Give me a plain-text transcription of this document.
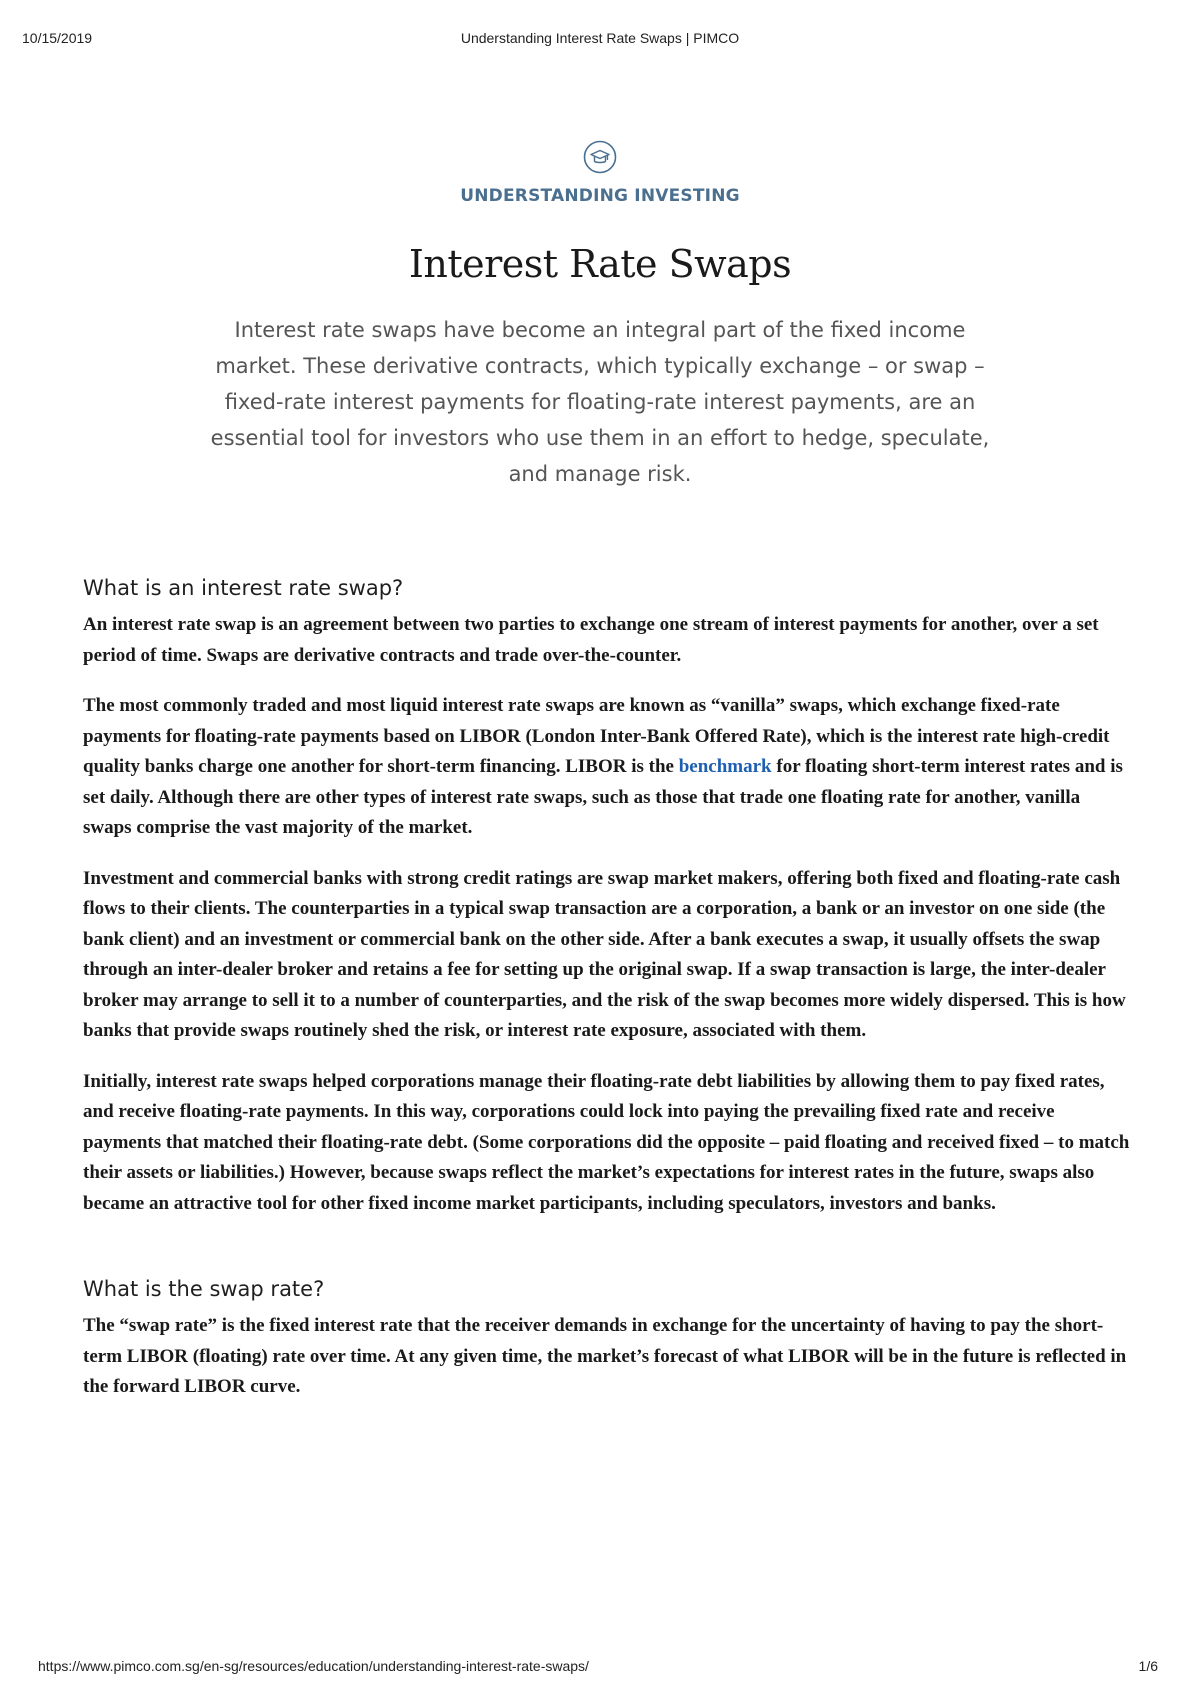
10/15/2019	Understanding Interest Rate Swaps | PIMCO
UNDERSTANDING INVESTING
Interest Rate Swaps
Interest rate swaps have become an integral part of the fixed income market. These derivative contracts, which typically exchange – or swap – fixed-rate interest payments for floating-rate interest payments, are an essential tool for investors who use them in an effort to hedge, speculate, and manage risk.
What is an interest rate swap?

An interest rate swap is an agreement between two parties to exchange one stream of interest payments for another, over a set period of time. Swaps are derivative contracts and trade over-the-counter.

The most commonly traded and most liquid interest rate swaps are known as “vanilla” swaps, which exchange fixed-rate payments for floating-rate payments based on LIBOR (London Inter-Bank Offered Rate), which is the interest rate high-credit quality banks charge one another for short-term financing. LIBOR is the benchmark for floating short-term interest rates and is set daily. Although there are other types of interest rate swaps, such as those that trade one floating rate for another, vanilla swaps comprise the vast majority of the market.

Investment and commercial banks with strong credit ratings are swap market makers, offering both fixed and floating-rate cash flows to their clients. The counterparties in a typical swap transaction are a corporation, a bank or an investor on one side (the bank client) and an investment or commercial bank on the other side. After a bank executes a swap, it usually offsets the swap through an inter-dealer broker and retains a fee for setting up the original swap. If a swap transaction is large, the inter-dealer broker may arrange to sell it to a number of counterparties, and the risk of the swap becomes more widely dispersed. This is how banks that provide swaps routinely shed the risk, or interest rate exposure, associated with them.

Initially, interest rate swaps helped corporations manage their floating-rate debt liabilities by allowing them to pay fixed rates, and receive floating-rate payments. In this way, corporations could lock into paying the prevailing fixed rate and receive payments that matched their floating-rate debt. (Some corporations did the opposite – paid floating and received fixed – to match their assets or liabilities.) However, because swaps reflect the market’s expectations for interest rates in the future, swaps also became an attractive tool for other fixed income market participants, including speculators, investors and banks.

What is the swap rate?

The “swap rate” is the fixed interest rate that the receiver demands in exchange for the uncertainty of having to pay the short-term LIBOR (floating) rate over time. At any given time, the market’s forecast of what LIBOR will be in the future is reflected in the forward LIBOR curve.

https://www.pimco.com.sg/en-sg/resources/education/understanding-interest-rate-swaps/	1/6
